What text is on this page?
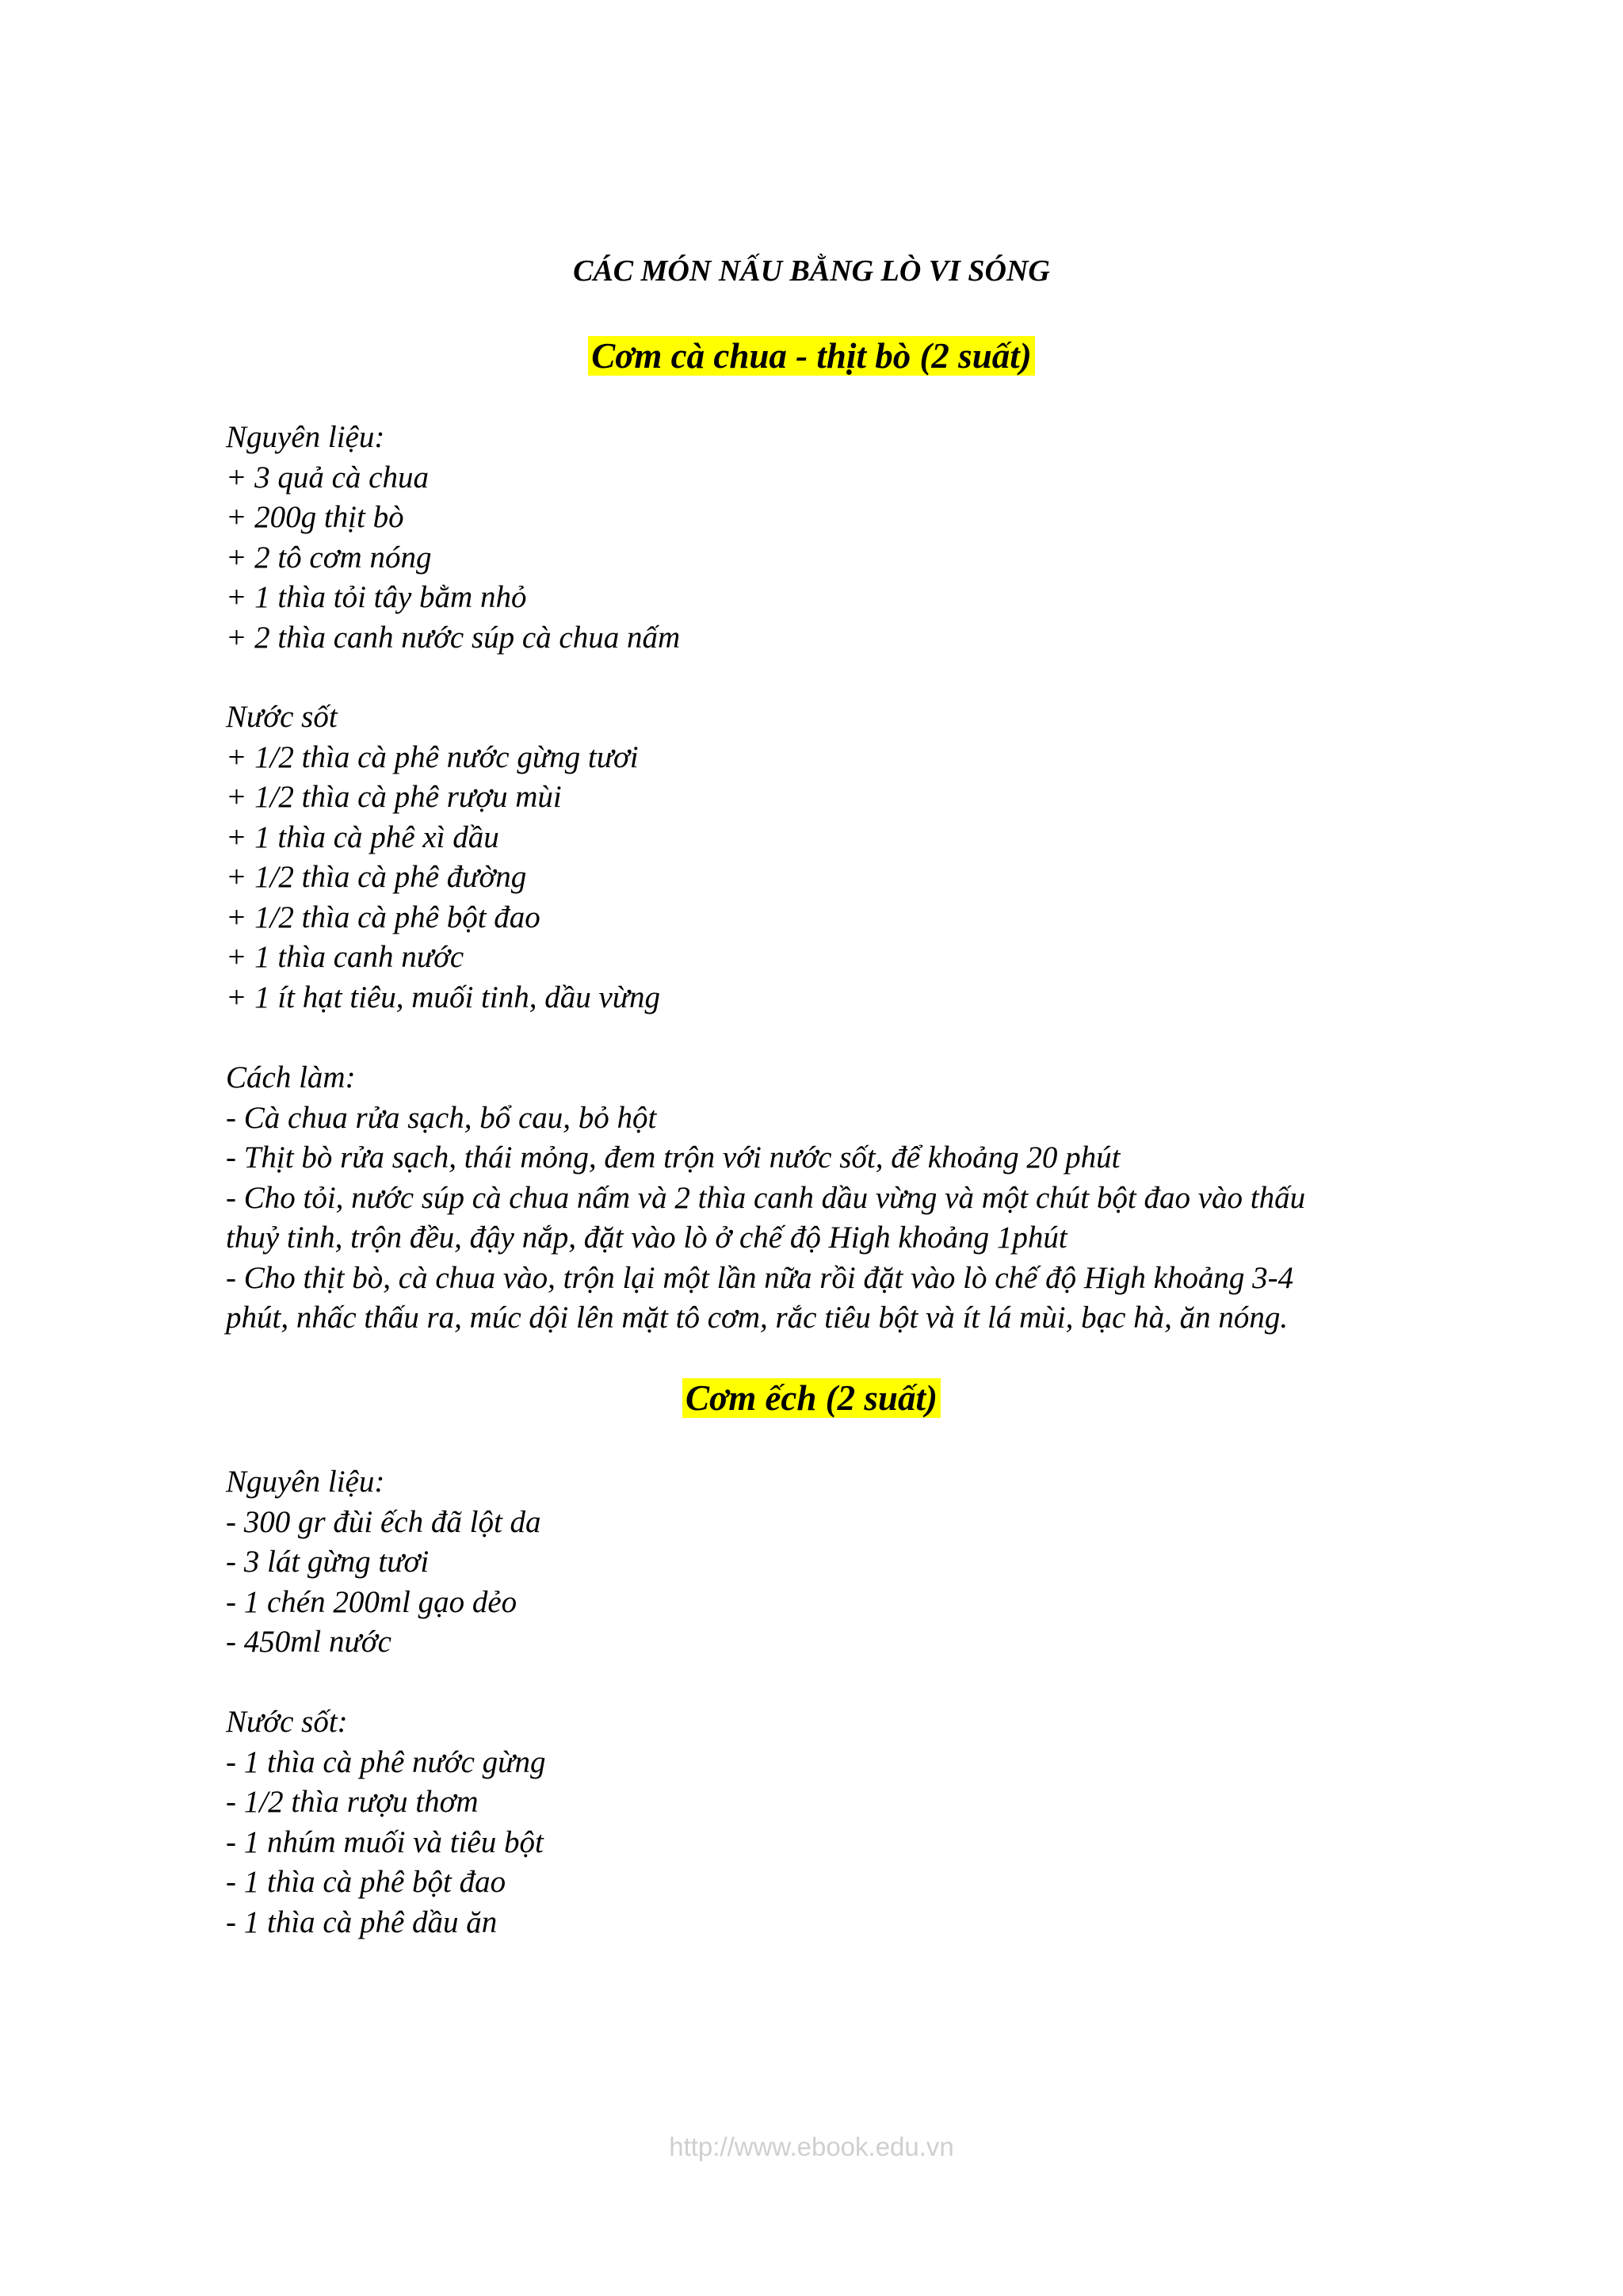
CÁC MÓN NẤU BẰNG LÒ VI SÓNG
Cơm cà chua - thịt bò (2 suất)
Nguyên liệu:
+ 3 quả cà chua
+ 200g thịt bò
+ 2 tô cơm nóng
+ 1 thìa tỏi tây bằm nhỏ
+ 2 thìa canh nước súp cà chua nấm
Nước sốt
+ 1/2 thìa cà phê nước gừng tươi
+ 1/2 thìa cà phê rượu mùi
+ 1 thìa cà phê xì dầu
+ 1/2 thìa cà phê đường
+ 1/2 thìa cà phê bột đao
+ 1 thìa canh nước
+ 1 ít hạt tiêu, muối tinh, dầu vừng
Cách làm:
- Cà chua rửa sạch, bổ cau, bỏ hột
- Thịt bò rửa sạch, thái mỏng, đem trộn với nước sốt, để khoảng 20 phút
- Cho tỏi, nước súp cà chua nấm và 2 thìa canh dầu vừng và một chút bột đao vào thấu
thuỷ tinh, trộn đều, đậy nắp, đặt vào lò ở chế độ High khoảng 1phút
- Cho thịt bò, cà chua vào, trộn lại một lần nữa rồi đặt vào lò chế độ High khoảng 3-4
phút, nhấc thấu ra, múc dội lên mặt tô cơm, rắc tiêu bột và ít lá mùi, bạc hà, ăn nóng.
Cơm ếch (2 suất)
Nguyên liệu:
- 300 gr đùi ếch đã lột da
- 3 lát gừng tươi
- 1 chén 200ml gạo dẻo
- 450ml nước
Nước sốt:
- 1 thìa cà phê nước gừng
- 1/2 thìa rượu thơm
- 1 nhúm muối và tiêu bột
- 1 thìa cà phê bột đao
- 1 thìa cà phê dầu ăn
http://www.ebook.edu.vn
